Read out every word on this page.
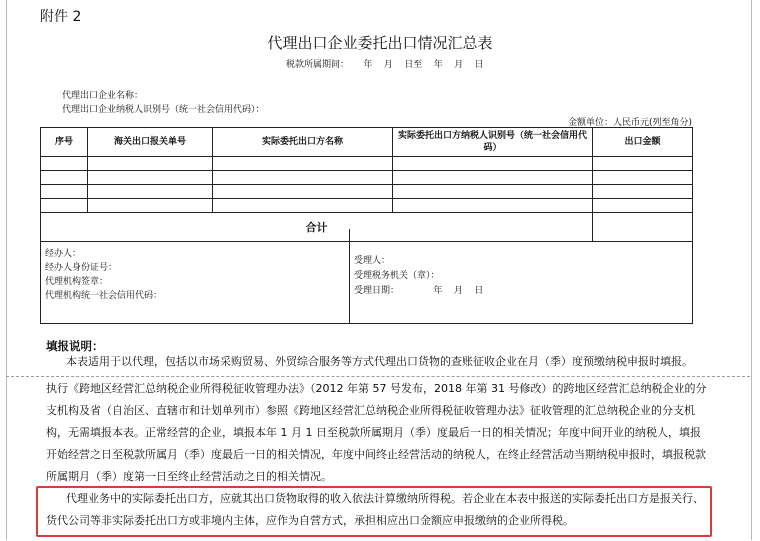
附件 2
代理出口企业委托出口情况汇总表
税款所属期间： 年 月 日至 年 月 日
代理出口企业名称：
代理出口企业纳税人识别号（统一社会信用代码）：
金额单位：人民币元(列至角分)
序号	海关出口报关单号	实际委托出口方名称	实际委托出口方纳税人识别号（统一社会信用代码）	出口金额

合计				
经办人：
经办人身份证号：
代理机构签章：
代理机构统一社会信用代码：
受理人：
受理税务机关（章）：
受理日期：	年 月 日
填报说明：
本表适用于以代理，包括以市场采购贸易、外贸综合服务等方式代理出口货物的查账征收企业在月（季）度预缴纳税申报时填报。
执行《跨地区经营汇总纳税企业所得税征收管理办法》（2012 年第 57 号发布，2018 年第 31 号修改）的跨地区经营汇总纳税企业的分支机构及省（自治区、直辖市和计划单列市）参照《跨地区经营汇总纳税企业所得税征收管理办法》征收管理的汇总纳税企业的分支机构，无需填报本表。正常经营的企业，填报本年 1 月 1 日至税款所属期月（季）度最后一日的相关情况；年度中间开业的纳税人，填报开始经营之日至税款所属月（季）度最后一日的相关情况，年度中间终止经营活动的纳税人，在终止经营活动当期纳税申报时，填报税款所属期月（季）度第一日至终止经营活动之日的相关情况。
代理业务中的实际委托出口方，应就其出口货物取得的收入依法计算缴纳所得税。若企业在本表中报送的实际委托出口方是报关行、货代公司等非实际委托出口方或非境内主体，应作为自营方式，承担相应出口金额应申报缴纳的企业所得税。
